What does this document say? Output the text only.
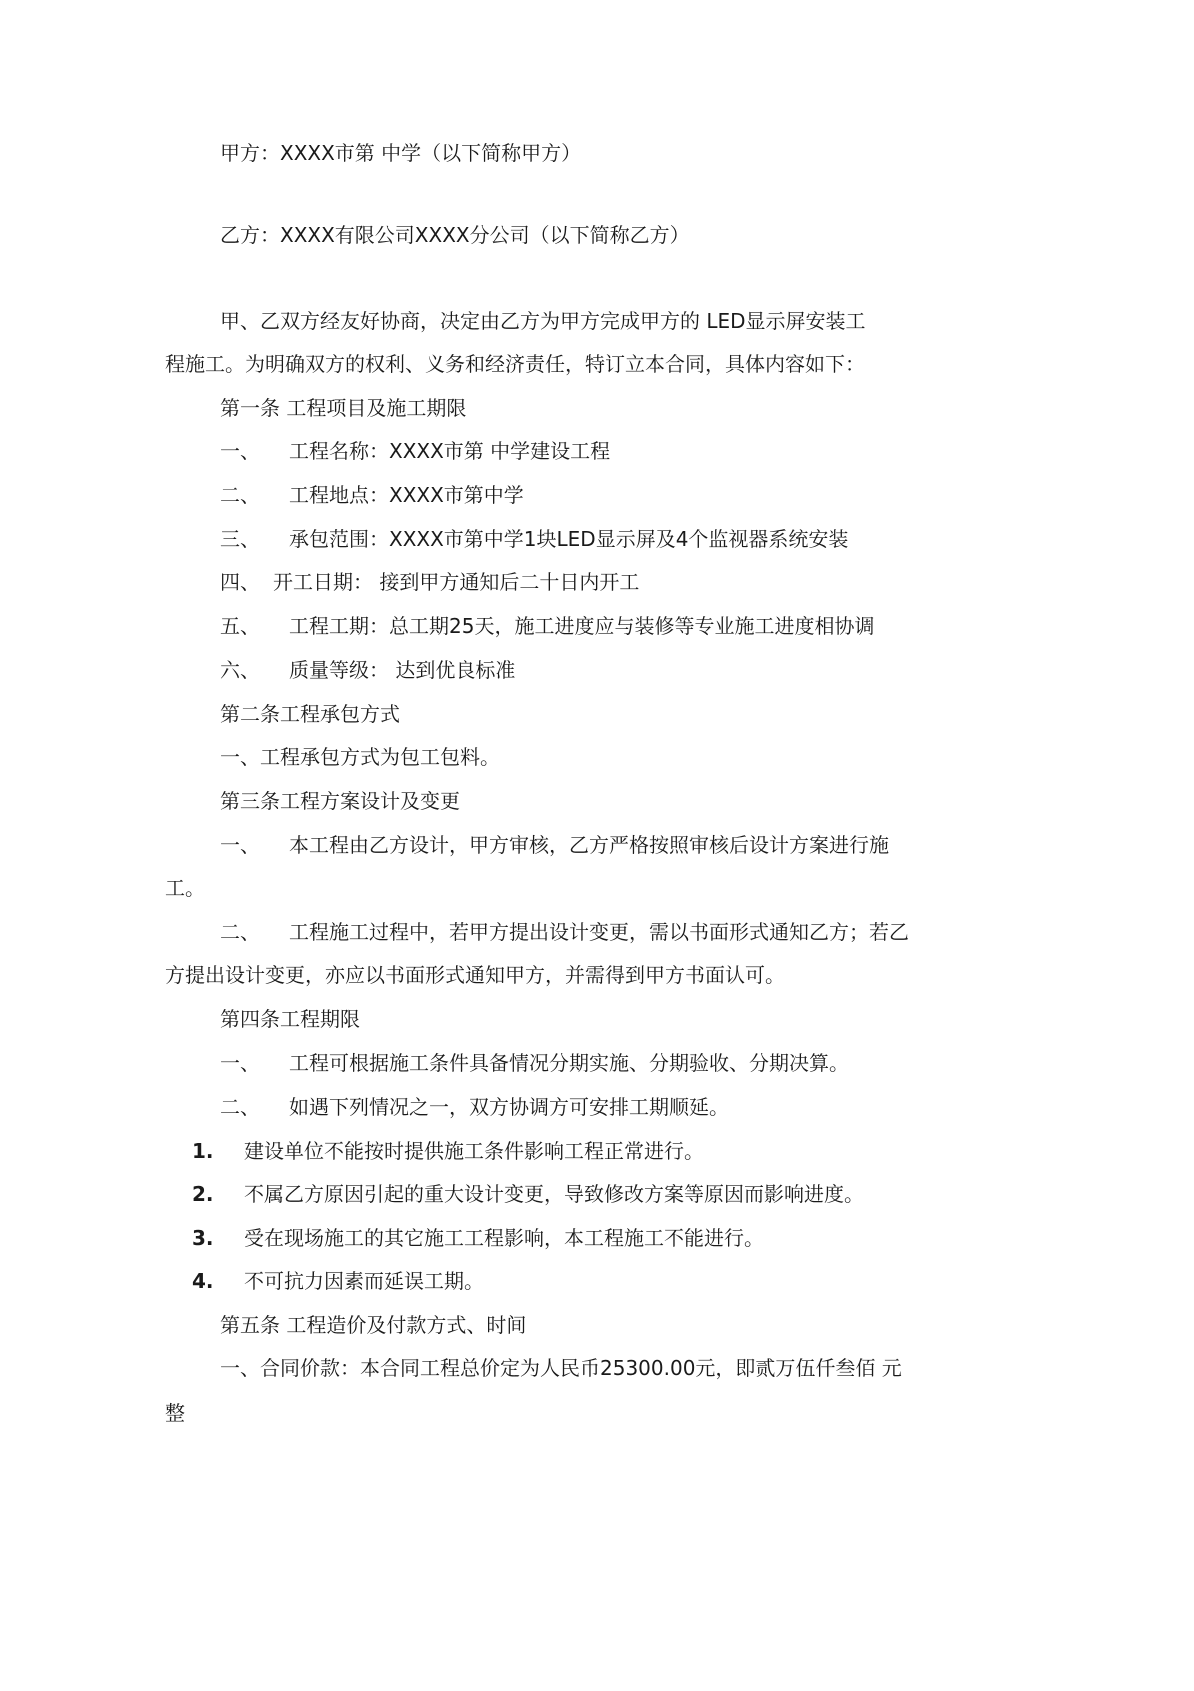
甲方：XXXX市第 中学（以下简称甲方）

乙方：XXXX有限公司XXXX分公司（以下简称乙方）

甲、乙双方经友好协商，决定由乙方为甲方完成甲方的 LED显示屏安装工

程施工。为明确双方的权利、义务和经济责任，特订立本合同，具体内容如下：

第一条 工程项目及施工期限

一、 工程名称：XXXX市第 中学建设工程

二、 工程地点：XXXX市第中学

三、 承包范围：XXXX市第中学1块LED显示屏及4个监视器系统安装

四、 开工日期： 接到甲方通知后二十日内开工

五、 工程工期：总工期25天，施工进度应与装修等专业施工进度相协调

六、 质量等级： 达到优良标准

第二条工程承包方式

一、工程承包方式为包工包料。

第三条工程方案设计及变更

一、 本工程由乙方设计，甲方审核，乙方严格按照审核后设计方案进行施

工。

二、 工程施工过程中，若甲方提出设计变更，需以书面形式通知乙方；若乙

方提出设计变更，亦应以书面形式通知甲方，并需得到甲方书面认可。

第四条工程期限

一、 工程可根据施工条件具备情况分期实施、分期验收、分期决算。

二、 如遇下列情况之一，双方协调方可安排工期顺延。

1. 建设单位不能按时提供施工条件影响工程正常进行。

2. 不属乙方原因引起的重大设计变更，导致修改方案等原因而影响进度。

3. 受在现场施工的其它施工工程影响，本工程施工不能进行。

4. 不可抗力因素而延误工期。

第五条 工程造价及付款方式、时间

一、合同价款：本合同工程总价定为人民币25300.00元，即贰万伍仟叁佰 元

整
